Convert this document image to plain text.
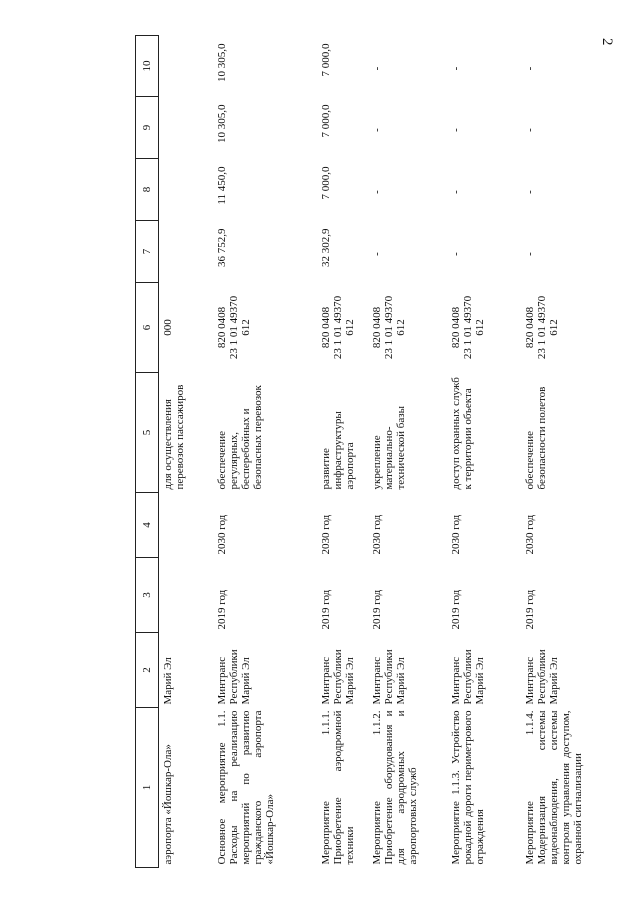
2
1	2	3	4	5	6	7	8	9	10
аэропорта «Йошкар-Ола»	Марий Эл			для осуществления перевозок пассажиров	000				
Основное мероприятие 1.1. Расходы на реализацию мероприятий по развитию гражданского аэропорта «Йошкар-Ола»	Минтранс Республики Марий Эл	2019 год	2030 год	обеспечение регулярных, бесперебойных и безопасных перевозок	820 0408
23 1 01 49370
612	36 752,9	11 450,0	10 305,0	10 305,0
Мероприятие 1.1.1. Приобретение аэродромной техники	Минтранс Республики Марий Эл	2019 год	2030 год	развитие инфраструктуры аэропорта	820 0408
23 1 01 49370
612	32 302,9	7 000,0	7 000,0	7 000,0
Мероприятие 1.1.2. Приобретение оборудования и для аэродромных и аэропортовых служб	Минтранс Республики Марий Эл	2019 год	2030 год	укрепление материально-технической базы	820 0408
23 1 01 49370
612	-	-	-	-
Мероприятие 1.1.3. Устройство рокадной дороги периметрового ограждения	Минтранс Республики Марий Эл	2019 год	2030 год	доступ охранных служб к территории объекта	820 0408
23 1 01 49370
612	-	-	-	-
Мероприятие 1.1.4. Модернизация системы видеонаблюдения, системы контроля управления доступом, охранной сигнализации	Минтранс Республики Марий Эл	2019 год	2030 год	обеспечение безопасности полетов	820 0408
23 1 01 49370
612	-	-	-	-
